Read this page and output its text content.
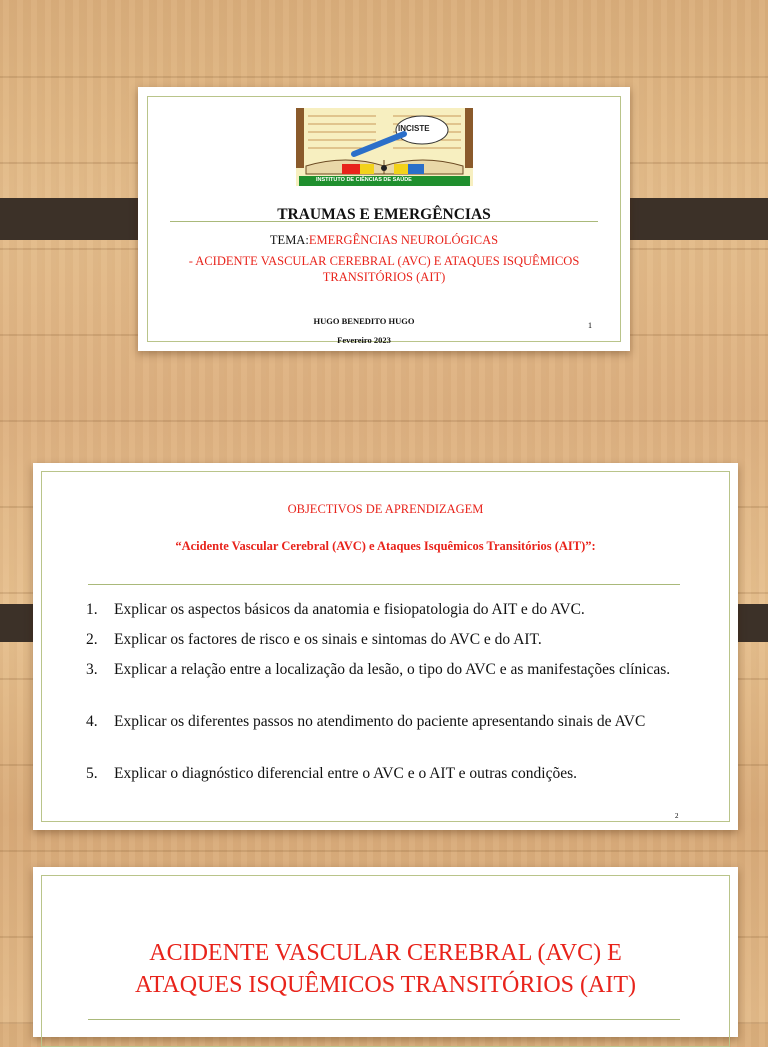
INCISTE
INSTITUTO DE CIÊNCIAS DE SAÚDE
TRAUMAS E EMERGÊNCIAS
TEMA:EMERGÊNCIAS NEUROLÓGICAS
- ACIDENTE VASCULAR CEREBRAL (AVC) E ATAQUES ISQUÊMICOS TRANSITÓRIOS (AIT)
HUGO BENEDITO HUGO
Fevereiro 2023
1
OBJECTIVOS DE APRENDIZAGEM
“Acidente Vascular Cerebral (AVC) e Ataques Isquêmicos Transitórios (AIT)”:
1. Explicar os aspectos básicos da anatomia e fisiopatologia do AIT e do AVC.
2. Explicar os factores de risco e os sinais e sintomas do AVC e do AIT.
3. Explicar a relação entre a localização da lesão, o tipo do AVC e as manifestações clínicas.
4. Explicar os diferentes passos no atendimento do paciente apresentando sinais de AVC
5. Explicar o diagnóstico diferencial entre o AVC e o AIT e outras condições.
2
ACIDENTE VASCULAR CEREBRAL (AVC) E
ATAQUES ISQUÊMICOS TRANSITÓRIOS (AIT)
